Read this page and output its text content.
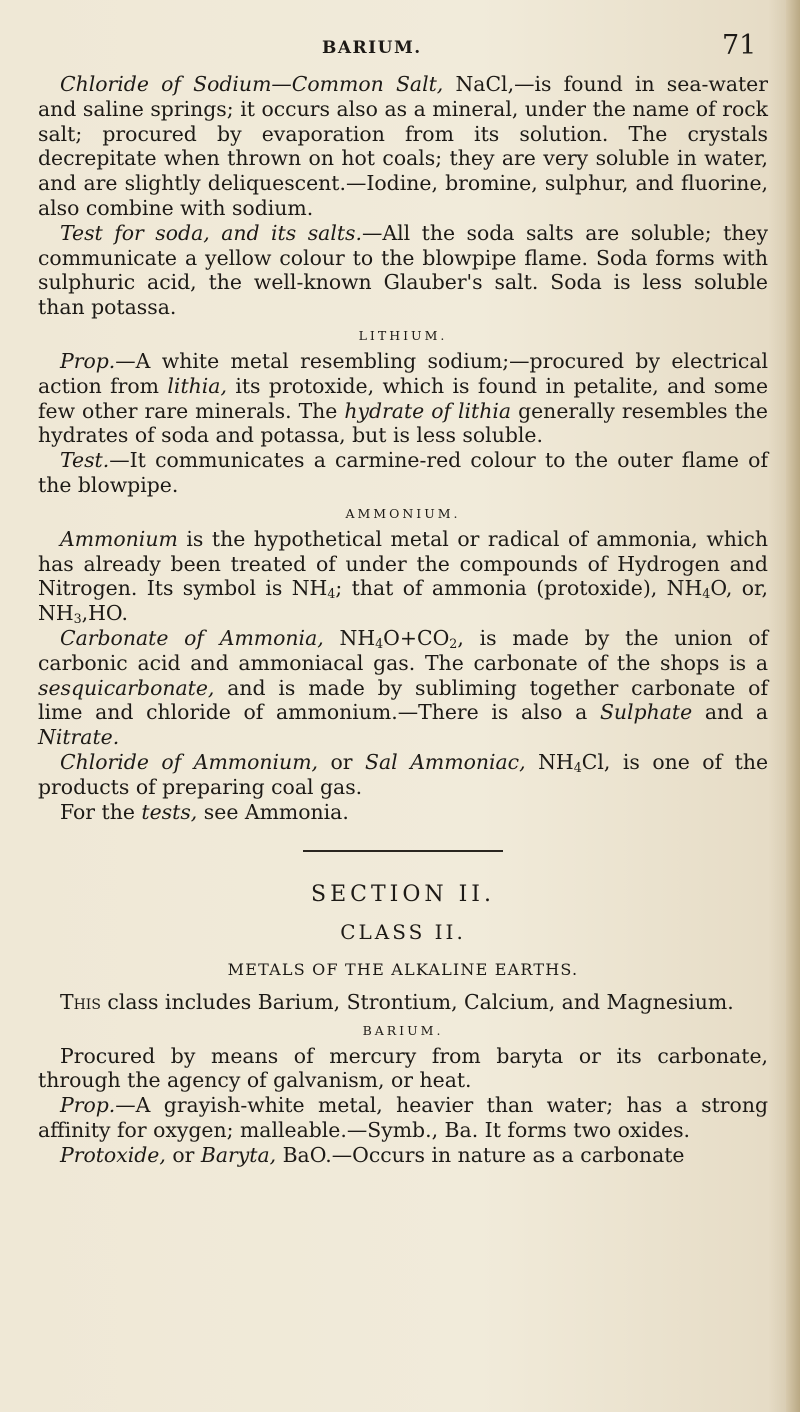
BARIUM.	71

Chloride of Sodium—Common Salt, NaCl,—is found in sea-water and saline springs; it occurs also as a mineral, under the name of rock salt; procured by evaporation from its solution. The crystals decrepitate when thrown on hot coals; they are very soluble in water, and are slightly deliquescent.—Iodine, bromine, sulphur, and fluorine, also combine with sodium.

Test for soda, and its salts.—All the soda salts are soluble; they communicate a yellow colour to the blowpipe flame. Soda forms with sulphuric acid, the well-known Glauber's salt. Soda is less soluble than potassa.

LITHIUM.

Prop.—A white metal resembling sodium;—procured by electrical action from lithia, its protoxide, which is found in petalite, and some few other rare minerals. The hydrate of lithia generally resembles the hydrates of soda and potassa, but is less soluble.

Test.—It communicates a carmine-red colour to the outer flame of the blowpipe.

AMMONIUM.

Ammonium is the hypothetical metal or radical of ammonia, which has already been treated of under the compounds of Hydrogen and Nitrogen. Its symbol is $NH_4$; that of ammonia (protoxide), $NH_4O$, or, $NH_3,HO$.

Carbonate of Ammonia, $NH_4O+CO_2$, is made by the union of carbonic acid and ammoniacal gas. The carbonate of the shops is a sesquicarbonate, and is made by subliming together carbonate of lime and chloride of ammonium.—There is also a Sulphate and a Nitrate.

Chloride of Ammonium, or Sal Ammoniac, $NH_4Cl$, is one of the products of preparing coal gas.

For the tests, see Ammonia.

SECTION II.
CLASS II.
METALS OF THE ALKALINE EARTHS.

This class includes Barium, Strontium, Calcium, and Magnesium.

BARIUM.

Procured by means of mercury from baryta or its carbonate, through the agency of galvanism, or heat.

Prop.—A grayish-white metal, heavier than water; has a strong affinity for oxygen; malleable.—Symb., Ba. It forms two oxides.

Protoxide, or Baryta, BaO.—Occurs in nature as a carbonate
